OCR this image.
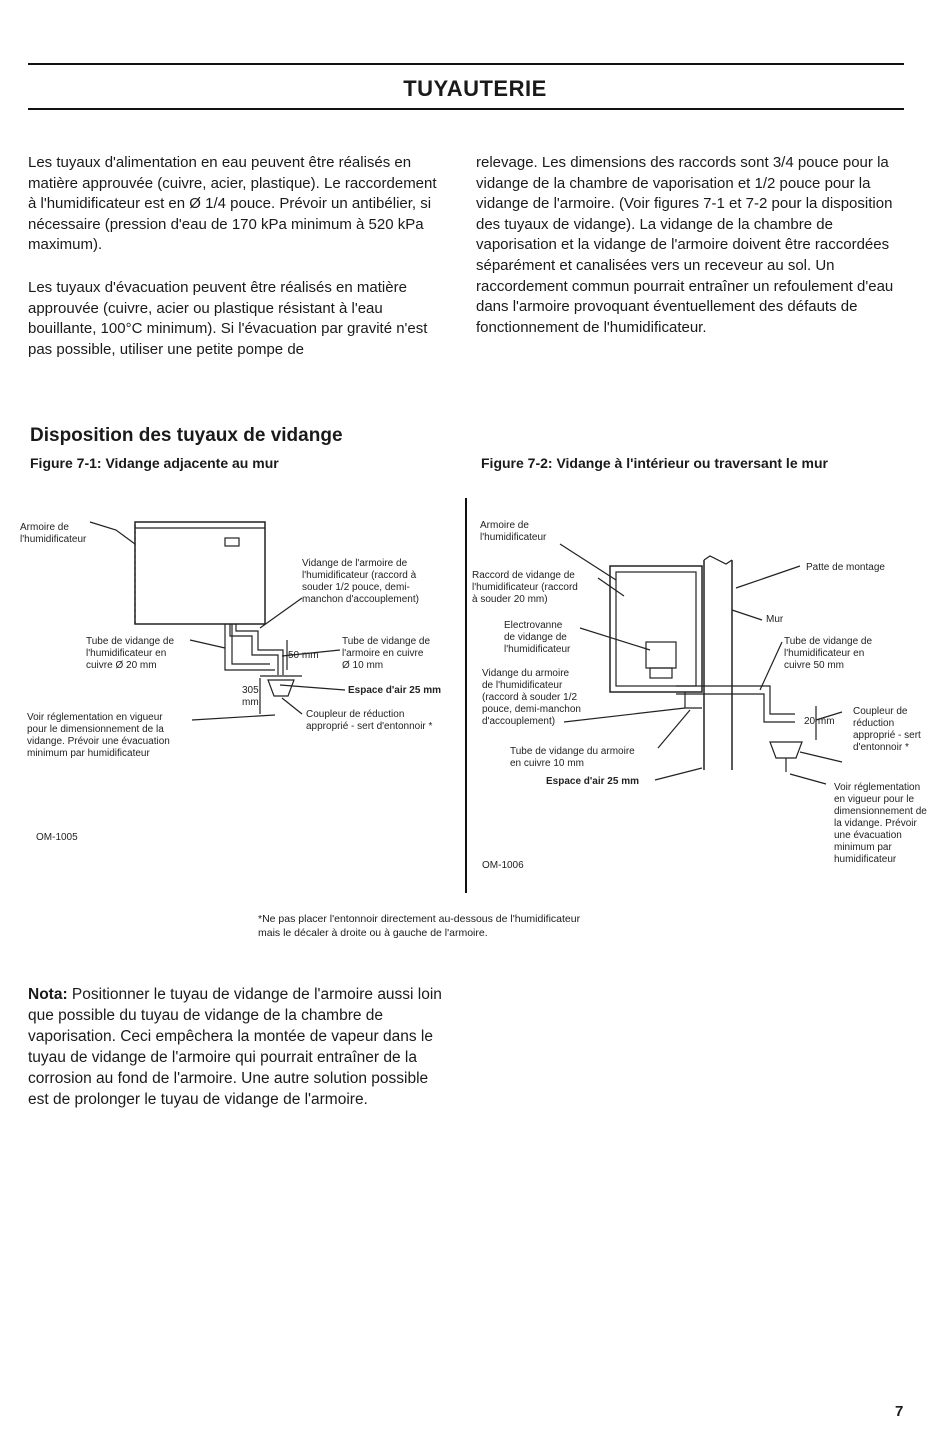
TUYAUTERIE

Les tuyaux d'alimentation en eau peuvent être réalisés en matière approuvée (cuivre, acier, plastique). Le raccordement à l'humidificateur est en Ø 1/4 pouce. Prévoir un antibélier, si nécessaire (pression d'eau de 170 kPa minimum à 520 kPa maximum).

Les tuyaux d'évacuation peuvent être réalisés en matière approuvée (cuivre, acier ou plastique résistant à l'eau bouillante, 100°C minimum). Si l'évacuation par gravité n'est pas possible, utiliser une petite pompe de

relevage. Les dimensions des raccords sont 3/4 pouce pour la vidange de la chambre de vaporisation et 1/2 pouce pour la vidange de l'armoire. (Voir figures 7-1 et 7-2 pour la disposition des tuyaux de vidange). La vidange de la chambre de vaporisation et la vidange de l'armoire doivent être raccordées séparément et canalisées vers un receveur au sol. Un raccordement commun pourrait entraîner un refoulement d'eau dans l'armoire provoquant éventuellement des défauts de fonctionnement de l'humidificateur.

Disposition des tuyaux de vidange
Figure 7-1: Vidange adjacente au mur	Figure 7-2: Vidange à l'intérieur ou traversant le mur
Armoire de
l'humidificateur
Vidange de l'armoire de
l'humidificateur (raccord à
souder 1/2 pouce, demi-
manchon d'accouplement)
Tube de vidange de
l'humidificateur en
cuivre Ø 20 mm
Tube de vidange de
l'armoire en cuivre
Ø 10 mm
50 mm
305
mm
Espace d'air 25 mm
Coupleur de réduction
approprié - sert d'entonnoir *
Voir réglementation en vigueur
pour le dimensionnement de la
vidange. Prévoir une évacuation
minimum par humidificateur
OM-1005
Armoire de
l'humidificateur
Raccord de vidange de
l'humidificateur (raccord
à souder 20 mm)
Electrovanne
de vidange de
l'humidificateur
Vidange du armoire
de l'humidificateur
(raccord à souder 1/2
pouce, demi-manchon
d'accouplement)
Tube de vidange du armoire
en cuivre 10 mm
Espace d'air 25 mm
Patte de montage
Mur
Tube de vidange de
l'humidificateur en
cuivre 50 mm
20 mm
Coupleur de
réduction
approprié - sert
d'entonnoir *
Voir réglementation
en vigueur pour le
dimensionnement de
la vidange. Prévoir
une évacuation
minimum par
humidificateur
OM-1006
*Ne pas placer l'entonnoir directement au-dessous de l'humidificateur
mais le décaler à droite ou à gauche de l'armoire.

Nota: Positionner le tuyau de vidange de l'armoire aussi loin que possible du tuyau de vidange de la chambre de vaporisation. Ceci empêchera la montée de vapeur dans le tuyau de vidange de l'armoire qui pourrait entraîner de la corrosion au fond de l'armoire. Une autre solution possible est de prolonger le tuyau de vidange de l'armoire.

7
